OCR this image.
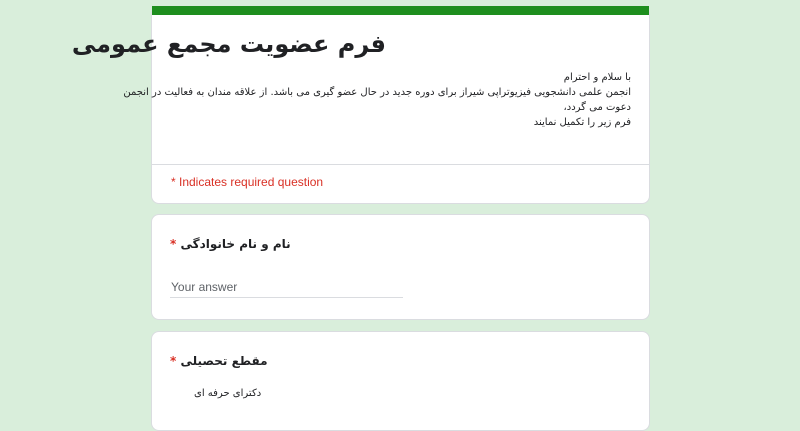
فرم عضویت مجمع عمومی
با سلام و احترام
انجمن علمی دانشجویی فیزیوتراپی شیراز برای دوره جدید در حال عضو گیری می باشد. از علاقه مندان به فعالیت در انجمن
دعوت می گردد،
فرم زیر را تکمیل نمایند
* Indicates required question
نام و نام خانوادگی *
Your answer
مقطع تحصیلی *
دکترای حرفه ای
